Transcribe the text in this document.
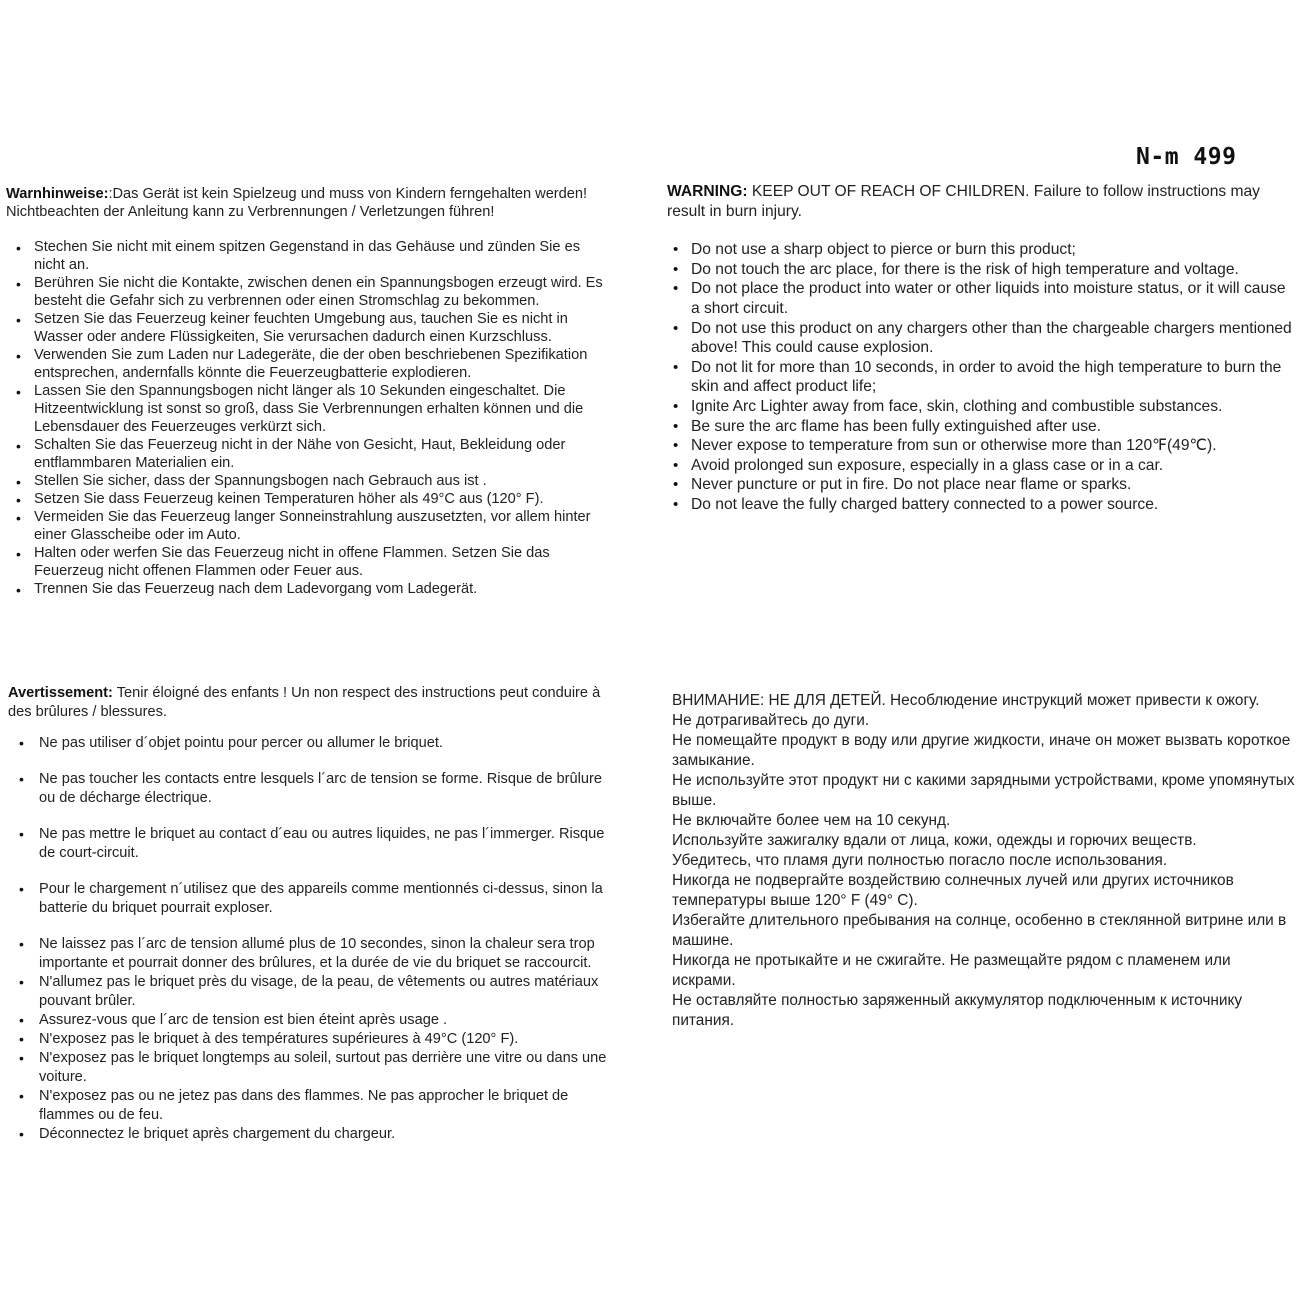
N-m 499

Warnhinweise::Das Gerät ist kein Spielzeug und muss von Kindern ferngehalten werden! Nichtbeachten der Anleitung kann zu Verbrennungen / Verletzungen führen!

• Stechen Sie nicht mit einem spitzen Gegenstand in das Gehäuse und zünden Sie es nicht an.
• Berühren Sie nicht die Kontakte, zwischen denen ein Spannungsbogen erzeugt wird. Es besteht die Gefahr sich zu verbrennen oder einen Stromschlag zu bekommen.
• Setzen Sie das Feuerzeug keiner feuchten Umgebung aus, tauchen Sie es nicht in Wasser oder andere Flüssigkeiten, Sie verursachen dadurch einen Kurzschluss.
• Verwenden Sie zum Laden nur Ladegeräte, die der oben beschriebenen Spezifikation entsprechen, andernfalls könnte die Feuerzeugbatterie explodieren.
• Lassen Sie den Spannungsbogen nicht länger als 10 Sekunden eingeschaltet. Die Hitzeentwicklung ist sonst so groß, dass Sie Verbrennungen erhalten können und die Lebensdauer des Feuerzeuges verkürzt sich.
• Schalten Sie das Feuerzeug nicht in der Nähe von Gesicht, Haut, Bekleidung oder entflammbaren Materialien ein.
• Stellen Sie sicher, dass der Spannungsbogen nach Gebrauch aus ist .
• Setzen Sie dass Feuerzeug keinen Temperaturen höher als 49°C aus (120° F).
• Vermeiden Sie das Feuerzeug langer Sonneinstrahlung auszusetzten, vor allem hinter einer Glasscheibe oder im Auto.
• Halten oder werfen Sie das Feuerzeug nicht in offene Flammen. Setzen Sie das Feuerzeug nicht offenen Flammen oder Feuer aus.
• Trennen Sie das Feuerzeug nach dem Ladevorgang vom Ladegerät.

WARNING: KEEP OUT OF REACH OF CHILDREN. Failure to follow instructions may result in burn injury.

• Do not use a sharp object to pierce or burn this product;
• Do not touch the arc place, for there is the risk of high temperature and voltage.
• Do not place the product into water or other liquids into moisture status, or it will cause a short circuit.
• Do not use this product on any chargers other than the chargeable chargers mentioned above! This could cause explosion.
• Do not lit for more than 10 seconds, in order to avoid the high temperature to burn the skin and affect product life;
• Ignite Arc Lighter away from face, skin, clothing and combustible substances.
• Be sure the arc flame has been fully extinguished after use.
• Never expose to temperature from sun or otherwise more than 120℉(49℃).
• Avoid prolonged sun exposure, especially in a glass case or in a car.
• Never puncture or put in fire. Do not place near flame or sparks.
• Do not leave the fully charged battery connected to a power source.

Avertissement: Tenir éloigné des enfants ! Un non respect des instructions peut conduire à des brûlures / blessures.

• Ne pas utiliser d´objet pointu pour percer ou allumer le briquet.
• Ne pas toucher les contacts entre lesquels l´arc de tension se forme. Risque de brûlure ou de décharge électrique.
• Ne pas mettre le briquet au contact d´eau ou autres liquides, ne pas l´immerger. Risque de court-circuit.
• Pour le chargement n´utilisez que des appareils comme mentionnés ci-dessus, sinon la batterie du briquet pourrait exploser.
• Ne laissez pas l´arc de tension allumé plus de 10 secondes, sinon la chaleur sera trop importante et pourrait donner des brûlures, et la durée de vie du briquet se raccourcit.
• N'allumez pas le briquet près du visage, de la peau, de vêtements ou autres matériaux pouvant brûler.
• Assurez-vous que l´arc de tension est bien éteint après usage .
• N'exposez pas le briquet à des températures supérieures à 49°C (120° F).
• N'exposez pas le briquet longtemps au soleil, surtout pas derrière une vitre ou dans une voiture.
• N'exposez pas ou ne jetez pas dans des flammes. Ne pas approcher le briquet de flammes ou de feu.
• Déconnectez le briquet après chargement du chargeur.

ВНИМАНИЕ: НЕ ДЛЯ ДЕТЕЙ. Несоблюдение инструкций может привести к ожогу.

Не дотрагивайтесь до дуги.

Не помещайте продукт в воду или другие жидкости, иначе он может вызвать короткое замыкание.

Не используйте этот продукт ни с какими зарядными устройствами, кроме упомянутых выше.

Не включайте более чем на 10 секунд.

Используйте зажигалку вдали от лица, кожи, одежды и горючих веществ.

Убедитесь, что пламя дуги полностью погасло после использования.

Никогда не подвергайте воздействию солнечных лучей или других источников температуры выше 120° F (49° C).

Избегайте длительного пребывания на солнце, особенно в стеклянной витрине или в машине.

Никогда не протыкайте и не сжигайте. Не размещайте рядом с пламенем или искрами.

Не оставляйте полностью заряженный аккумулятор подключенным к источнику питания.
